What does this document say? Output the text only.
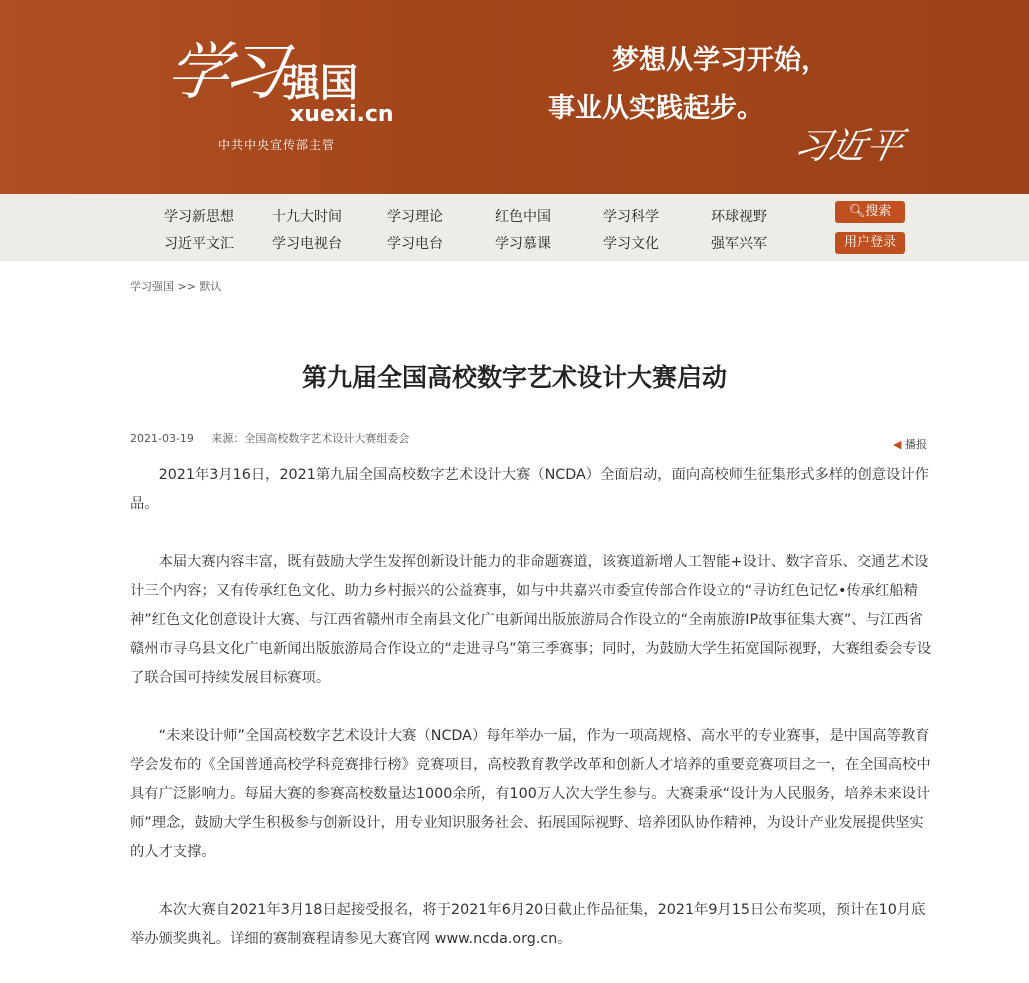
学习
强国
xuexi.cn
中共中央宣传部主管
梦想从学习开始，
事业从实践起步。
习近平
学习新思想	十九大时间	学习理论	红色中国	学习科学	环球视野
习近平文汇	学习电视台	学习电台	学习慕课	学习文化	强军兴军
🔍︎搜索
用户登录
学习强国 >> 默认
第九届全国高校数字艺术设计大赛启动
2021-03-19 来源：全国高校数字艺术设计大赛组委会	◀ 播报

2021年3月16日，2021第九届全国高校数字艺术设计大赛（NCDA）全面启动，面向高校师生征集形式多样的创意设计作品。

本届大赛内容丰富，既有鼓励大学生发挥创新设计能力的非命题赛道，该赛道新增人工智能+设计、数字音乐、交通艺术设计三个内容；又有传承红色文化、助力乡村振兴的公益赛事，如与中共嘉兴市委宣传部合作设立的“寻访红色记忆•传承红船精神”红色文化创意设计大赛、与江西省赣州市全南县文化广电新闻出版旅游局合作设立的“全南旅游IP故事征集大赛”、与江西省赣州市寻乌县文化广电新闻出版旅游局合作设立的“走进寻乌”第三季赛事；同时，为鼓励大学生拓宽国际视野，大赛组委会专设了联合国可持续发展目标赛项。

“未来设计师”全国高校数字艺术设计大赛（NCDA）每年举办一届，作为一项高规格、高水平的专业赛事，是中国高等教育学会发布的《全国普通高校学科竞赛排行榜》竞赛项目，高校教育教学改革和创新人才培养的重要竞赛项目之一，在全国高校中具有广泛影响力。每届大赛的参赛高校数量达1000余所，有100万人次大学生参与。大赛秉承“设计为人民服务，培养未来设计师”理念，鼓励大学生积极参与创新设计，用专业知识服务社会、拓展国际视野、培养团队协作精神，为设计产业发展提供坚实的人才支撑。

本次大赛自2021年3月18日起接受报名，将于2021年6月20日截止作品征集，2021年9月15日公布奖项，预计在10月底举办颁奖典礼。详细的赛制赛程请参见大赛官网 www.ncda.org.cn。
